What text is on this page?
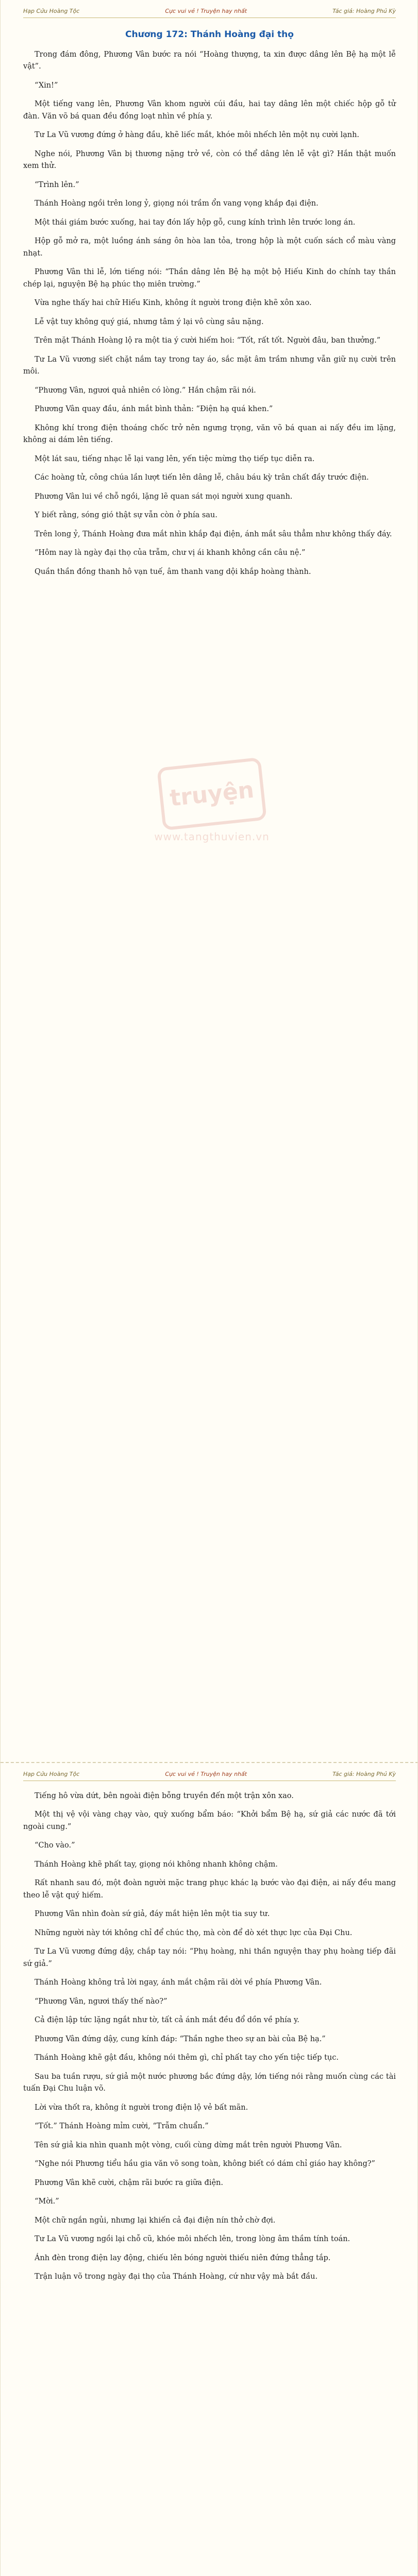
Hạp Cửu Hoàng Tộc	Cực vui vẻ ! Truyện hay nhất	Tác giả: Hoàng Phủ Kỳ
Chương 172: Thánh Hoàng đại thọ

Trong đám đông, Phương Vân bước ra nói “Hoàng thượng, ta xin được dâng lên Bệ hạ một lễ vật”.

“Xin!”

Một tiếng vang lên, Phương Vân khom người cúi đầu, hai tay dâng lên một chiếc hộp gỗ tử đàn. Văn võ bá quan đều đồng loạt nhìn về phía y.

Tư La Vũ vương đứng ở hàng đầu, khẽ liếc mắt, khóe môi nhếch lên một nụ cười lạnh.

Nghe nói, Phương Vân bị thương nặng trở về, còn có thể dâng lên lễ vật gì? Hắn thật muốn xem thử.

“Trình lên.”

Thánh Hoàng ngồi trên long ỷ, giọng nói trầm ổn vang vọng khắp đại điện.

Một thái giám bước xuống, hai tay đón lấy hộp gỗ, cung kính trình lên trước long án.

Hộp gỗ mở ra, một luồng ánh sáng ôn hòa lan tỏa, trong hộp là một cuốn sách cổ màu vàng nhạt.

Phương Vân thi lễ, lớn tiếng nói: “Thần dâng lên Bệ hạ một bộ Hiếu Kinh do chính tay thần chép lại, nguyện Bệ hạ phúc thọ miên trường.”

Vừa nghe thấy hai chữ Hiếu Kinh, không ít người trong điện khẽ xôn xao.

Lễ vật tuy không quý giá, nhưng tâm ý lại vô cùng sâu nặng.

Trên mặt Thánh Hoàng lộ ra một tia ý cười hiếm hoi: “Tốt, rất tốt. Người đâu, ban thưởng.”

Tư La Vũ vương siết chặt nắm tay trong tay áo, sắc mặt âm trầm nhưng vẫn giữ nụ cười trên môi.

“Phương Vân, ngươi quả nhiên có lòng.” Hắn chậm rãi nói.

Phương Vân quay đầu, ánh mắt bình thản: “Điện hạ quá khen.”

Không khí trong điện thoáng chốc trở nên ngưng trọng, văn võ bá quan ai nấy đều im lặng, không ai dám lên tiếng.

Một lát sau, tiếng nhạc lễ lại vang lên, yến tiệc mừng thọ tiếp tục diễn ra.

Các hoàng tử, công chúa lần lượt tiến lên dâng lễ, châu báu kỳ trân chất đầy trước điện.

Phương Vân lui về chỗ ngồi, lặng lẽ quan sát mọi người xung quanh.

Y biết rằng, sóng gió thật sự vẫn còn ở phía sau.

Trên long ỷ, Thánh Hoàng đưa mắt nhìn khắp đại điện, ánh mắt sâu thẳm như không thấy đáy.

“Hôm nay là ngày đại thọ của trẫm, chư vị ái khanh không cần câu nệ.”

Quần thần đồng thanh hô vạn tuế, âm thanh vang dội khắp hoàng thành.

truyện
www.tangthuvien.vn
Hạp Cửu Hoàng Tộc	Cực vui vẻ ! Truyện hay nhất	Tác giả: Hoàng Phủ Kỳ

Tiếng hô vừa dứt, bên ngoài điện bỗng truyền đến một trận xôn xao.

Một thị vệ vội vàng chạy vào, quỳ xuống bẩm báo: “Khởi bẩm Bệ hạ, sứ giả các nước đã tới ngoài cung.”

“Cho vào.”

Thánh Hoàng khẽ phất tay, giọng nói không nhanh không chậm.

Rất nhanh sau đó, một đoàn người mặc trang phục khác lạ bước vào đại điện, ai nấy đều mang theo lễ vật quý hiếm.

Phương Vân nhìn đoàn sứ giả, đáy mắt hiện lên một tia suy tư.

Những người này tới không chỉ để chúc thọ, mà còn để dò xét thực lực của Đại Chu.

Tư La Vũ vương đứng dậy, chắp tay nói: “Phụ hoàng, nhi thần nguyện thay phụ hoàng tiếp đãi sứ giả.”

Thánh Hoàng không trả lời ngay, ánh mắt chậm rãi dời về phía Phương Vân.

“Phương Vân, ngươi thấy thế nào?”

Cả điện lập tức lặng ngắt như tờ, tất cả ánh mắt đều đổ dồn về phía y.

Phương Vân đứng dậy, cung kính đáp: “Thần nghe theo sự an bài của Bệ hạ.”

Thánh Hoàng khẽ gật đầu, không nói thêm gì, chỉ phất tay cho yến tiệc tiếp tục.

Sau ba tuần rượu, sứ giả một nước phương bắc đứng dậy, lớn tiếng nói rằng muốn cùng các tài tuấn Đại Chu luận võ.

Lời vừa thốt ra, không ít người trong điện lộ vẻ bất mãn.

“Tốt.” Thánh Hoàng mỉm cười, “Trẫm chuẩn.”

Tên sứ giả kia nhìn quanh một vòng, cuối cùng dừng mắt trên người Phương Vân.

“Nghe nói Phương tiểu hầu gia văn võ song toàn, không biết có dám chỉ giáo hay không?”

Phương Vân khẽ cười, chậm rãi bước ra giữa điện.

“Mời.”

Một chữ ngắn ngủi, nhưng lại khiến cả đại điện nín thở chờ đợi.

Tư La Vũ vương ngồi lại chỗ cũ, khóe môi nhếch lên, trong lòng âm thầm tính toán.

Ánh đèn trong điện lay động, chiếu lên bóng người thiếu niên đứng thẳng tắp.

Trận luận võ trong ngày đại thọ của Thánh Hoàng, cứ như vậy mà bắt đầu.
